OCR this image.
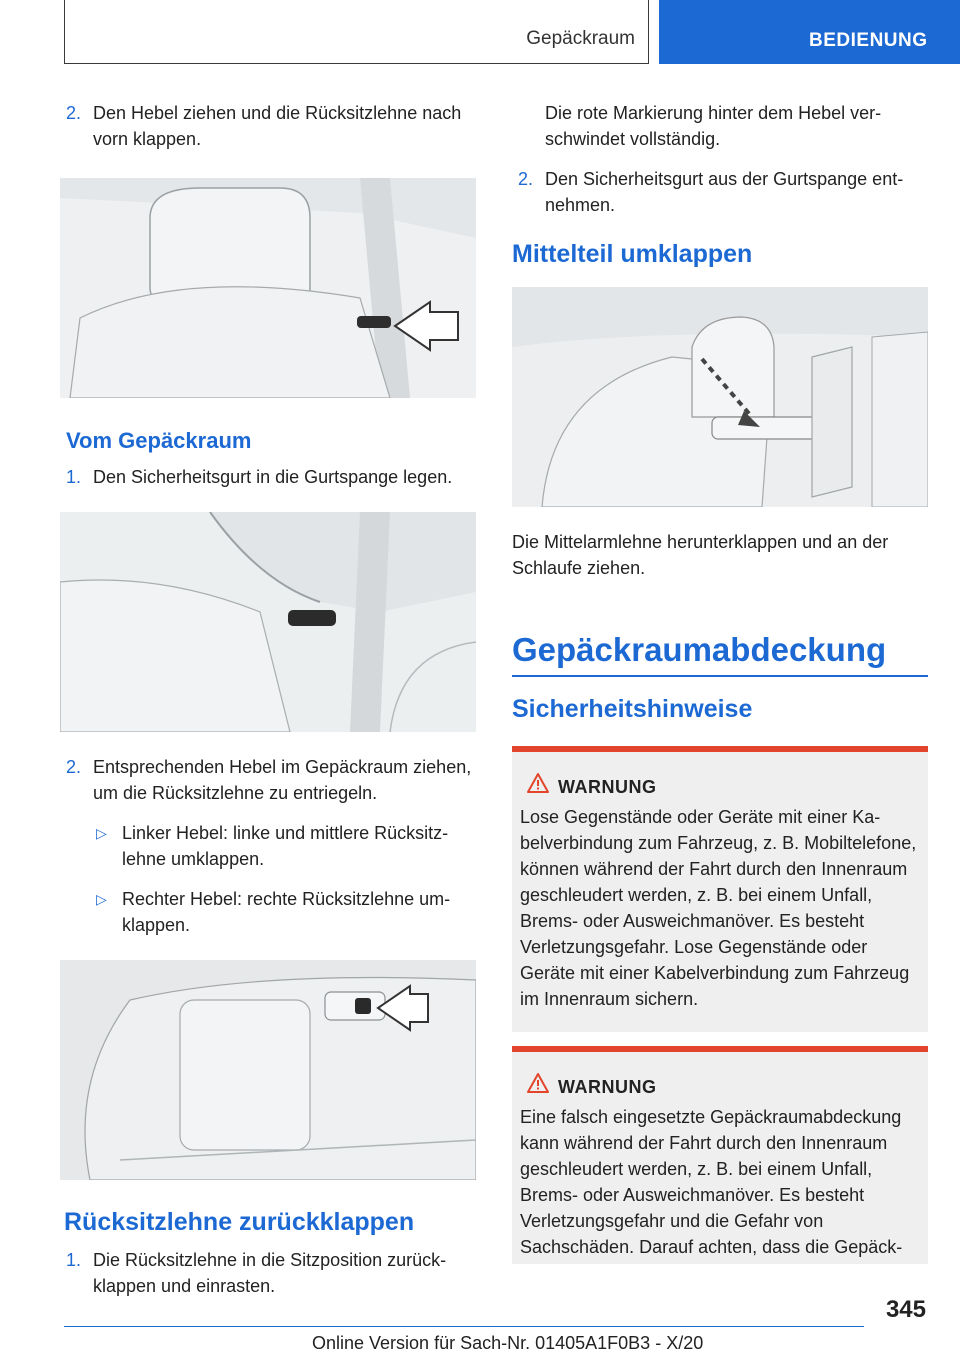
Gepäckraum	BEDIENUNG
2. Den Hebel ziehen und die Rücksitzlehne nach vorn klappen.
Vom Gepäckraum
1. Den Sicherheitsgurt in die Gurtspange legen.
2. Entsprechenden Hebel im Gepäckraum ziehen, um die Rücksitzlehne zu entriegeln.
▷ Linker Hebel: linke und mittlere Rücksitzlehne umklappen.
▷ Rechter Hebel: rechte Rücksitzlehne umklappen.
Rücksitzlehne zurückklappen
1. Die Rücksitzlehne in die Sitzposition zurückklappen und einrasten.
Die rote Markierung hinter dem Hebel verschwindet vollständig.
2. Den Sicherheitsgurt aus der Gurtspange entnehmen.
Mittelteil umklappen
Die Mittelarmlehne herunterklappen und an der Schlaufe ziehen.
Gepäckraumabdeckung
Sicherheitshinweise
WARNUNG
Lose Gegenstände oder Geräte mit einer Kabelverbindung zum Fahrzeug, z. B. Mobiltelefone, können während der Fahrt durch den Innenraum geschleudert werden, z. B. bei einem Unfall, Brems- oder Ausweichmanöver. Es besteht Verletzungsgefahr. Lose Gegenstände oder Geräte mit einer Kabelverbindung zum Fahrzeug im Innenraum sichern.
WARNUNG
Eine falsch eingesetzte Gepäckraumabdeckung kann während der Fahrt durch den Innenraum geschleudert werden, z. B. bei einem Unfall, Brems- oder Ausweichmanöver. Es besteht Verletzungsgefahr und die Gefahr von Sachschäden. Darauf achten, dass die Gepäck-
345
Online Version für Sach-Nr. 01405A1F0B3 - X/20
